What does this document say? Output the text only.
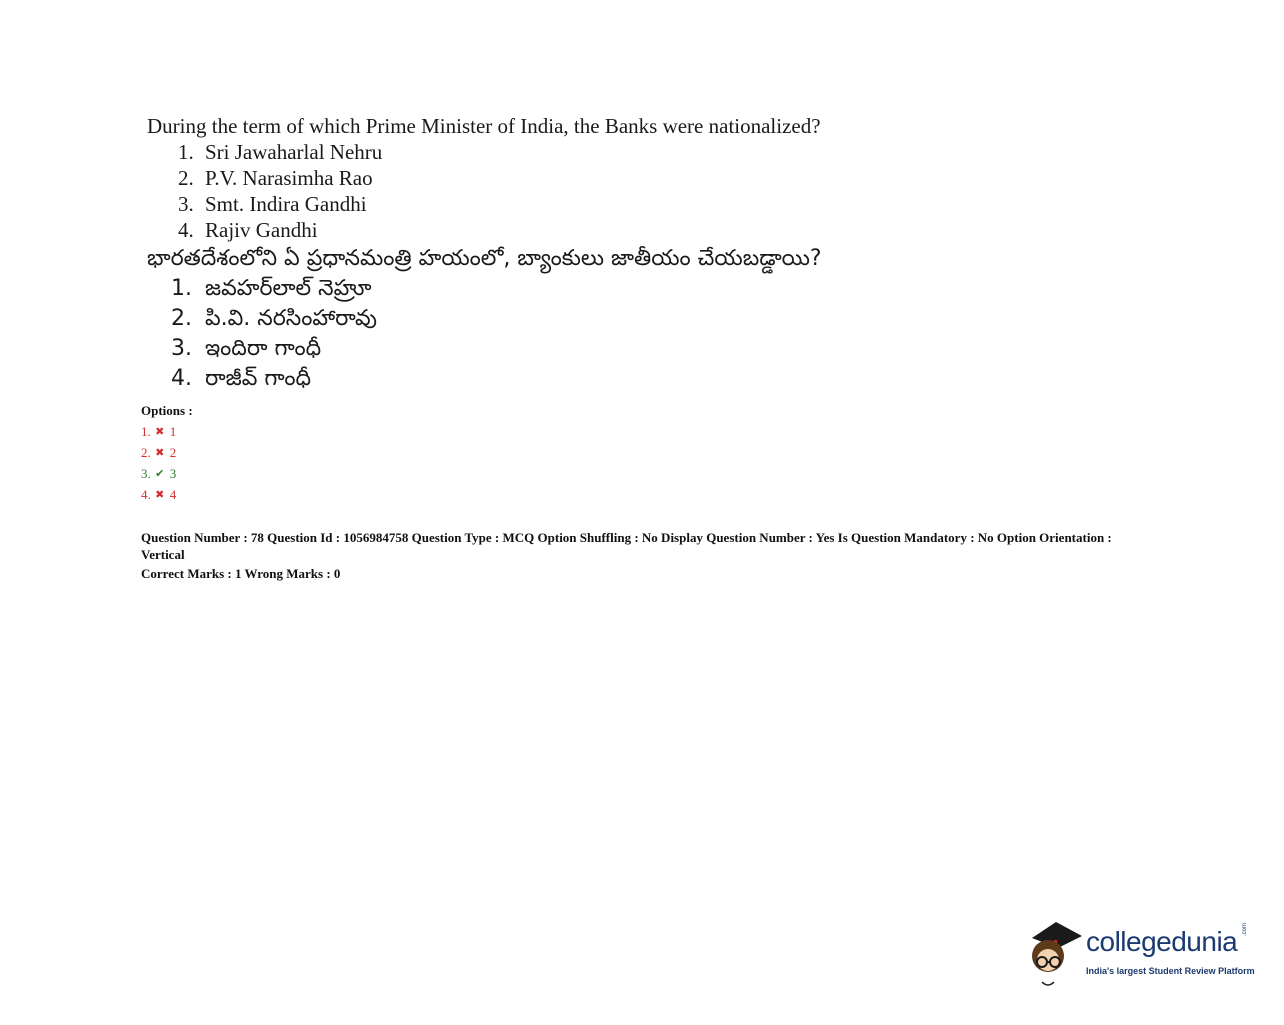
During the term of which Prime Minister of India, the Banks were nationalized?
1. Sri Jawaharlal Nehru
2. P.V. Narasimha Rao
3. Smt. Indira Gandhi
4. Rajiv Gandhi
భారతదేశంలోని ఏ ప్రధానమంత్రి హయంలో, బ్యాంకులు జాతీయం చేయబడ్డాయి?
1. జవహర్‌లాల్ నెహ్రూ
2. పి.వి. నరసింహారావు
3. ఇందిరా గాంధీ
4. రాజీవ్ గాంధీ
Options :
1. ✖ 1
2. ✖ 2
3. ✔ 3
4. ✖ 4
Question Number : 78 Question Id : 1056984758 Question Type : MCQ Option Shuffling : No Display Question Number : Yes Is Question Mandatory : No Option Orientation : Vertical
Correct Marks : 1 Wrong Marks : 0
collegedunia .com
India's largest Student Review Platform
